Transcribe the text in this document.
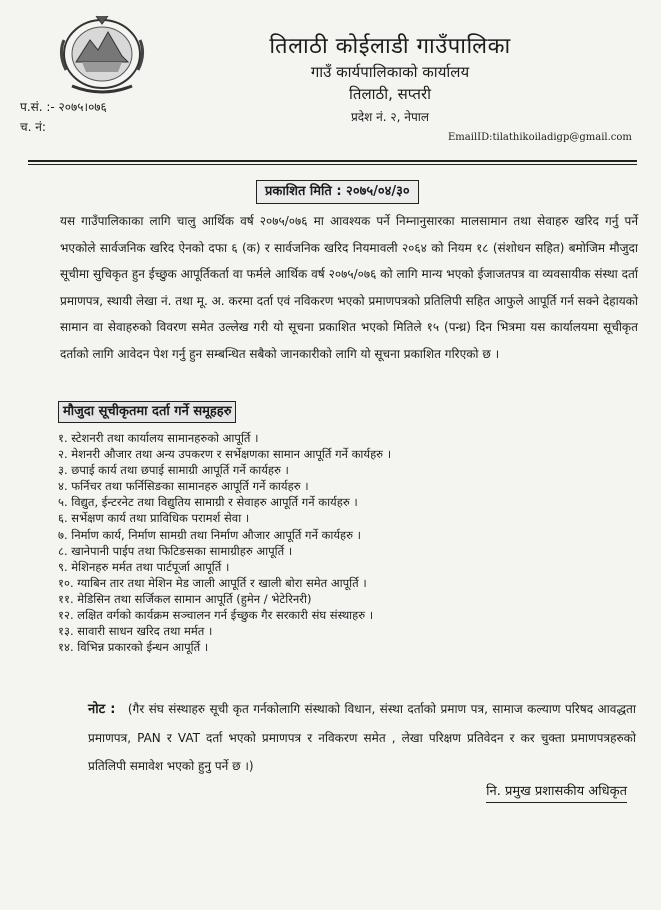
तिलाठी कोईलाडी गाउँपालिका
गाउँ कार्यपालिकाको कार्यालय
तिलाठी, सप्तरी
प्रदेश नं. २, नेपाल
प.सं. :- २०७५।०७६
च. नं:
EmailID:tilathikoiladigp@gmail.com
प्रकाशित मिति : २०७५/०४/३०
यस गाउँपालिकाका लागि चालु आर्थिक वर्ष २०७५/०७६ मा आवश्यक पर्ने निम्नानुसारका मालसामान तथा सेवाहरु खरिद गर्नु पर्ने भएकोले सार्वजनिक खरिद ऐनको दफा ६ (क) र सार्वजनिक खरिद नियमावली २०६४ को नियम १८ (संशोधन सहित) बमोजिम मौजुदा सूचीमा सुचिकृत हुन ईच्छुक आपूर्तिकर्ता वा फर्मले आर्थिक वर्ष २०७५/०७६ को लागि मान्य भएको ईजाजतपत्र वा व्यवसायीक संस्था दर्ता प्रमाणपत्र, स्थायी लेखा नं. तथा मू. अ. करमा दर्ता एवं नविकरण भएको प्रमाणपत्रको प्रतिलिपी सहित आफुले आपूर्ति गर्न सक्ने देहायको सामान वा सेवाहरुको विवरण समेत उल्लेख गरी यो सूचना प्रकाशित भएको मितिले १५ (पन्ध्र) दिन भित्रमा यस कार्यालयमा सूचीकृत दर्ताको लागि आवेदन पेश गर्नु हुन सम्बन्धित सबैको जानकारीको लागि यो सूचना प्रकाशित गरिएको छ ।
मौजुदा सूचीकृतमा दर्ता गर्ने समूहहरु
१. स्टेशनरी तथा कार्यालय सामानहरुको आपूर्ति ।
२. मेशनरी औजार तथा अन्य उपकरण र सर्भेक्षणका सामान आपूर्ति गर्ने कार्यहरु ।
३. छपाई कार्य तथा छपाई सामाग्री आपूर्ति गर्ने कार्यहरु ।
४. फर्निचर तथा फर्निसिङका सामानहरु आपूर्ति गर्ने कार्यहरु ।
५. विद्युत, ईन्टरनेट तथा विद्युतिय सामाग्री र सेवाहरु आपूर्ति गर्ने कार्यहरु ।
६. सर्भेक्षण कार्य तथा प्राविधिक परामर्श सेवा ।
७. निर्माण कार्य, निर्माण सामग्री तथा निर्माण औजार आपूर्ति गर्ने कार्यहरु ।
८. खानेपानी पाईप तथा फिटिङसका सामाग्रीहरु आपूर्ति ।
९. मेशिनहरु मर्मत तथा पार्टपूर्जा आपूर्ति ।
१०. ग्याबिन तार तथा मेशिन मेड जाली आपूर्ति र खाली बोरा समेत आपूर्ति ।
११. मेडिसिन तथा सर्जिकल सामान आपूर्ति (हुमेन / भेटेरिनरी)
१२. लक्षित वर्गको कार्यक्रम सञ्चालन गर्न ईच्छुक गैर सरकारी संघ संस्थाहरु ।
१३. सावारी साधन खरिद तथा मर्मत ।
१४. विभिन्न प्रकारको ईन्धन आपूर्ति ।
नोट : (गैर संघ संस्थाहरु सूची कृत गर्नकोलागि संस्थाको विधान, संस्था दर्ताको प्रमाण पत्र, सामाज कल्याण परिषद आवद्धता प्रमाणपत्र, PAN र VAT दर्ता भएको प्रमाणपत्र र नविकरण समेत , लेखा परिक्षण प्रतिवेदन र कर चुक्ता प्रमाणपत्रहरुको प्रतिलिपी समावेश भएको हुनु पर्ने छ ।)
नि. प्रमुख प्रशासकीय अधिकृत
